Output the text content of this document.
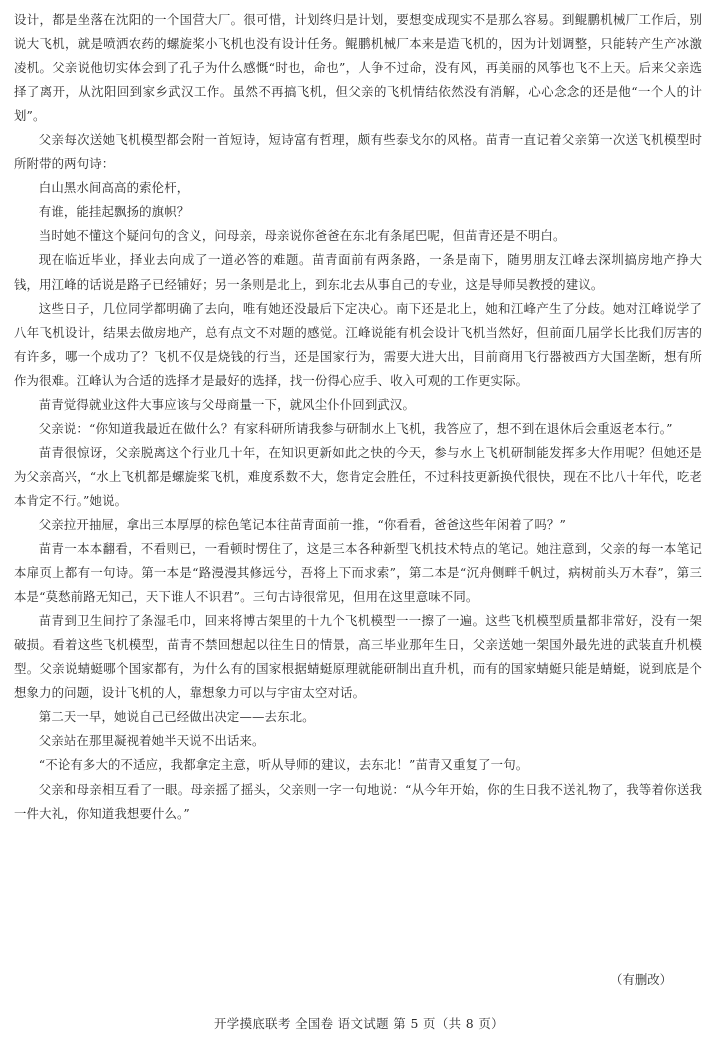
设计，都是坐落在沈阳的一个国营大厂。很可惜，计划终归是计划，要想变成现实不是那么容易。到鲲鹏机械厂工作后，别说大飞机，就是喷洒农药的螺旋桨小飞机也没有设计任务。鲲鹏机械厂本来是造飞机的，因为计划调整，只能转产生产冰激凌机。父亲说他切实体会到了孔子为什么感慨“时也，命也”，人争不过命，没有风，再美丽的风筝也飞不上天。后来父亲选择了离开，从沈阳回到家乡武汉工作。虽然不再搞飞机，但父亲的飞机情结依然没有消解，心心念念的还是他“一个人的计划”。

父亲每次送她飞机模型都会附一首短诗，短诗富有哲理，颇有些泰戈尔的风格。苗青一直记着父亲第一次送飞机模型时所附带的两句诗：

白山黑水间高高的索伦杆，

有谁，能挂起飘扬的旗帜？

当时她不懂这个疑问句的含义，问母亲，母亲说你爸爸在东北有条尾巴呢，但苗青还是不明白。

现在临近毕业，择业去向成了一道必答的难题。苗青面前有两条路，一条是南下，随男朋友江峰去深圳搞房地产挣大钱，用江峰的话说是路子已经铺好；另一条则是北上，到东北去从事自己的专业，这是导师吴教授的建议。

这些日子，几位同学都明确了去向，唯有她还没最后下定决心。南下还是北上，她和江峰产生了分歧。她对江峰说学了八年飞机设计，结果去做房地产，总有点文不对题的感觉。江峰说能有机会设计飞机当然好，但前面几届学长比我们厉害的有许多，哪一个成功了？飞机不仅是烧钱的行当，还是国家行为，需要大进大出，目前商用飞行器被西方大国垄断，想有所作为很难。江峰认为合适的选择才是最好的选择，找一份得心应手、收入可观的工作更实际。

苗青觉得就业这件大事应该与父母商量一下，就风尘仆仆回到武汉。

父亲说：“你知道我最近在做什么？有家科研所请我参与研制水上飞机，我答应了，想不到在退休后会重返老本行。”

苗青很惊讶，父亲脱离这个行业几十年，在知识更新如此之快的今天，参与水上飞机研制能发挥多大作用呢？但她还是为父亲高兴，“水上飞机都是螺旋桨飞机，难度系数不大，您肯定会胜任，不过科技更新换代很快，现在不比八十年代，吃老本肯定不行。”她说。

父亲拉开抽屉，拿出三本厚厚的棕色笔记本往苗青面前一推，“你看看，爸爸这些年闲着了吗？”

苗青一本本翻看，不看则已，一看顿时愣住了，这是三本各种新型飞机技术特点的笔记。她注意到，父亲的每一本笔记本扉页上都有一句诗。第一本是“路漫漫其修远兮，吾将上下而求索”，第二本是“沉舟侧畔千帆过，病树前头万木春”，第三本是“莫愁前路无知己，天下谁人不识君”。三句古诗很常见，但用在这里意味不同。

苗青到卫生间拧了条湿毛巾，回来将博古架里的十九个飞机模型一一擦了一遍。这些飞机模型质量都非常好，没有一架破损。看着这些飞机模型，苗青不禁回想起以往生日的情景，高三毕业那年生日，父亲送她一架国外最先进的武装直升机模型。父亲说蜻蜓哪个国家都有，为什么有的国家根据蜻蜓原理就能研制出直升机，而有的国家蜻蜓只能是蜻蜓，说到底是个想象力的问题，设计飞机的人，靠想象力可以与宇宙太空对话。

第二天一早，她说自己已经做出决定——去东北。

父亲站在那里凝视着她半天说不出话来。

“不论有多大的不适应，我都拿定主意，听从导师的建议，去东北！”苗青又重复了一句。

父亲和母亲相互看了一眼。母亲摇了摇头，父亲则一字一句地说：“从今年开始，你的生日我不送礼物了，我等着你送我一件大礼，你知道我想要什么。”

（有删改）
开学摸底联考 全国卷 语文试题 第 5 页（共 8 页）
